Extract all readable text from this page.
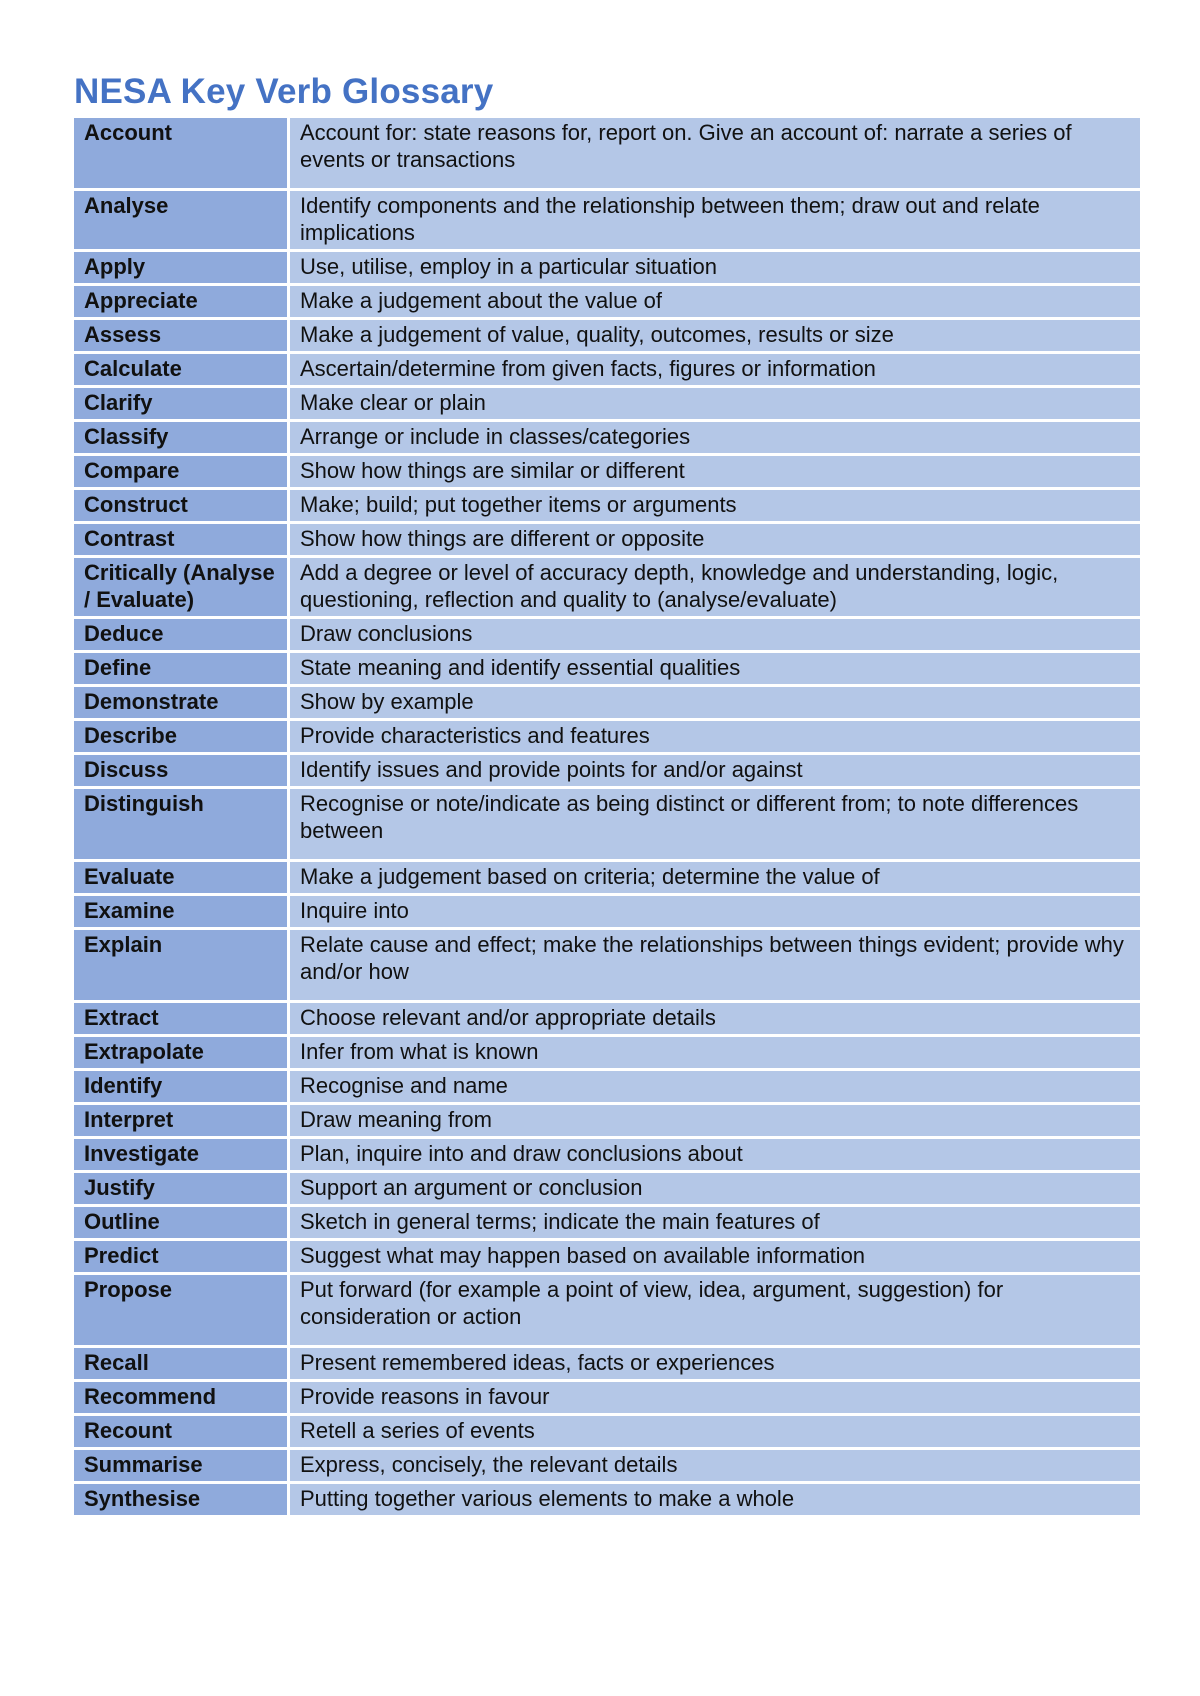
NESA Key Verb Glossary
Account	Account for: state reasons for, report on. Give an account of: narrate a series of events or transactions
Analyse	Identify components and the relationship between them; draw out and relate implications
Apply	Use, utilise, employ in a particular situation
Appreciate	Make a judgement about the value of
Assess	Make a judgement of value, quality, outcomes, results or size
Calculate	Ascertain/determine from given facts, figures or information
Clarify	Make clear or plain
Classify	Arrange or include in classes/categories
Compare	Show how things are similar or different
Construct	Make; build; put together items or arguments
Contrast	Show how things are different or opposite
Critically (Analyse / Evaluate)	Add a degree or level of accuracy depth, knowledge and understanding, logic, questioning, reflection and quality to (analyse/evaluate)
Deduce	Draw conclusions
Define	State meaning and identify essential qualities
Demonstrate	Show by example
Describe	Provide characteristics and features
Discuss	Identify issues and provide points for and/or against
Distinguish	Recognise or note/indicate as being distinct or different from; to note differences between
Evaluate	Make a judgement based on criteria; determine the value of
Examine	Inquire into
Explain	Relate cause and effect; make the relationships between things evident; provide why and/or how
Extract	Choose relevant and/or appropriate details
Extrapolate	Infer from what is known
Identify	Recognise and name
Interpret	Draw meaning from
Investigate	Plan, inquire into and draw conclusions about
Justify	Support an argument or conclusion
Outline	Sketch in general terms; indicate the main features of
Predict	Suggest what may happen based on available information
Propose	Put forward (for example a point of view, idea, argument, suggestion) for consideration or action
Recall	Present remembered ideas, facts or experiences
Recommend	Provide reasons in favour
Recount	Retell a series of events
Summarise	Express, concisely, the relevant details
Synthesise	Putting together various elements to make a whole
